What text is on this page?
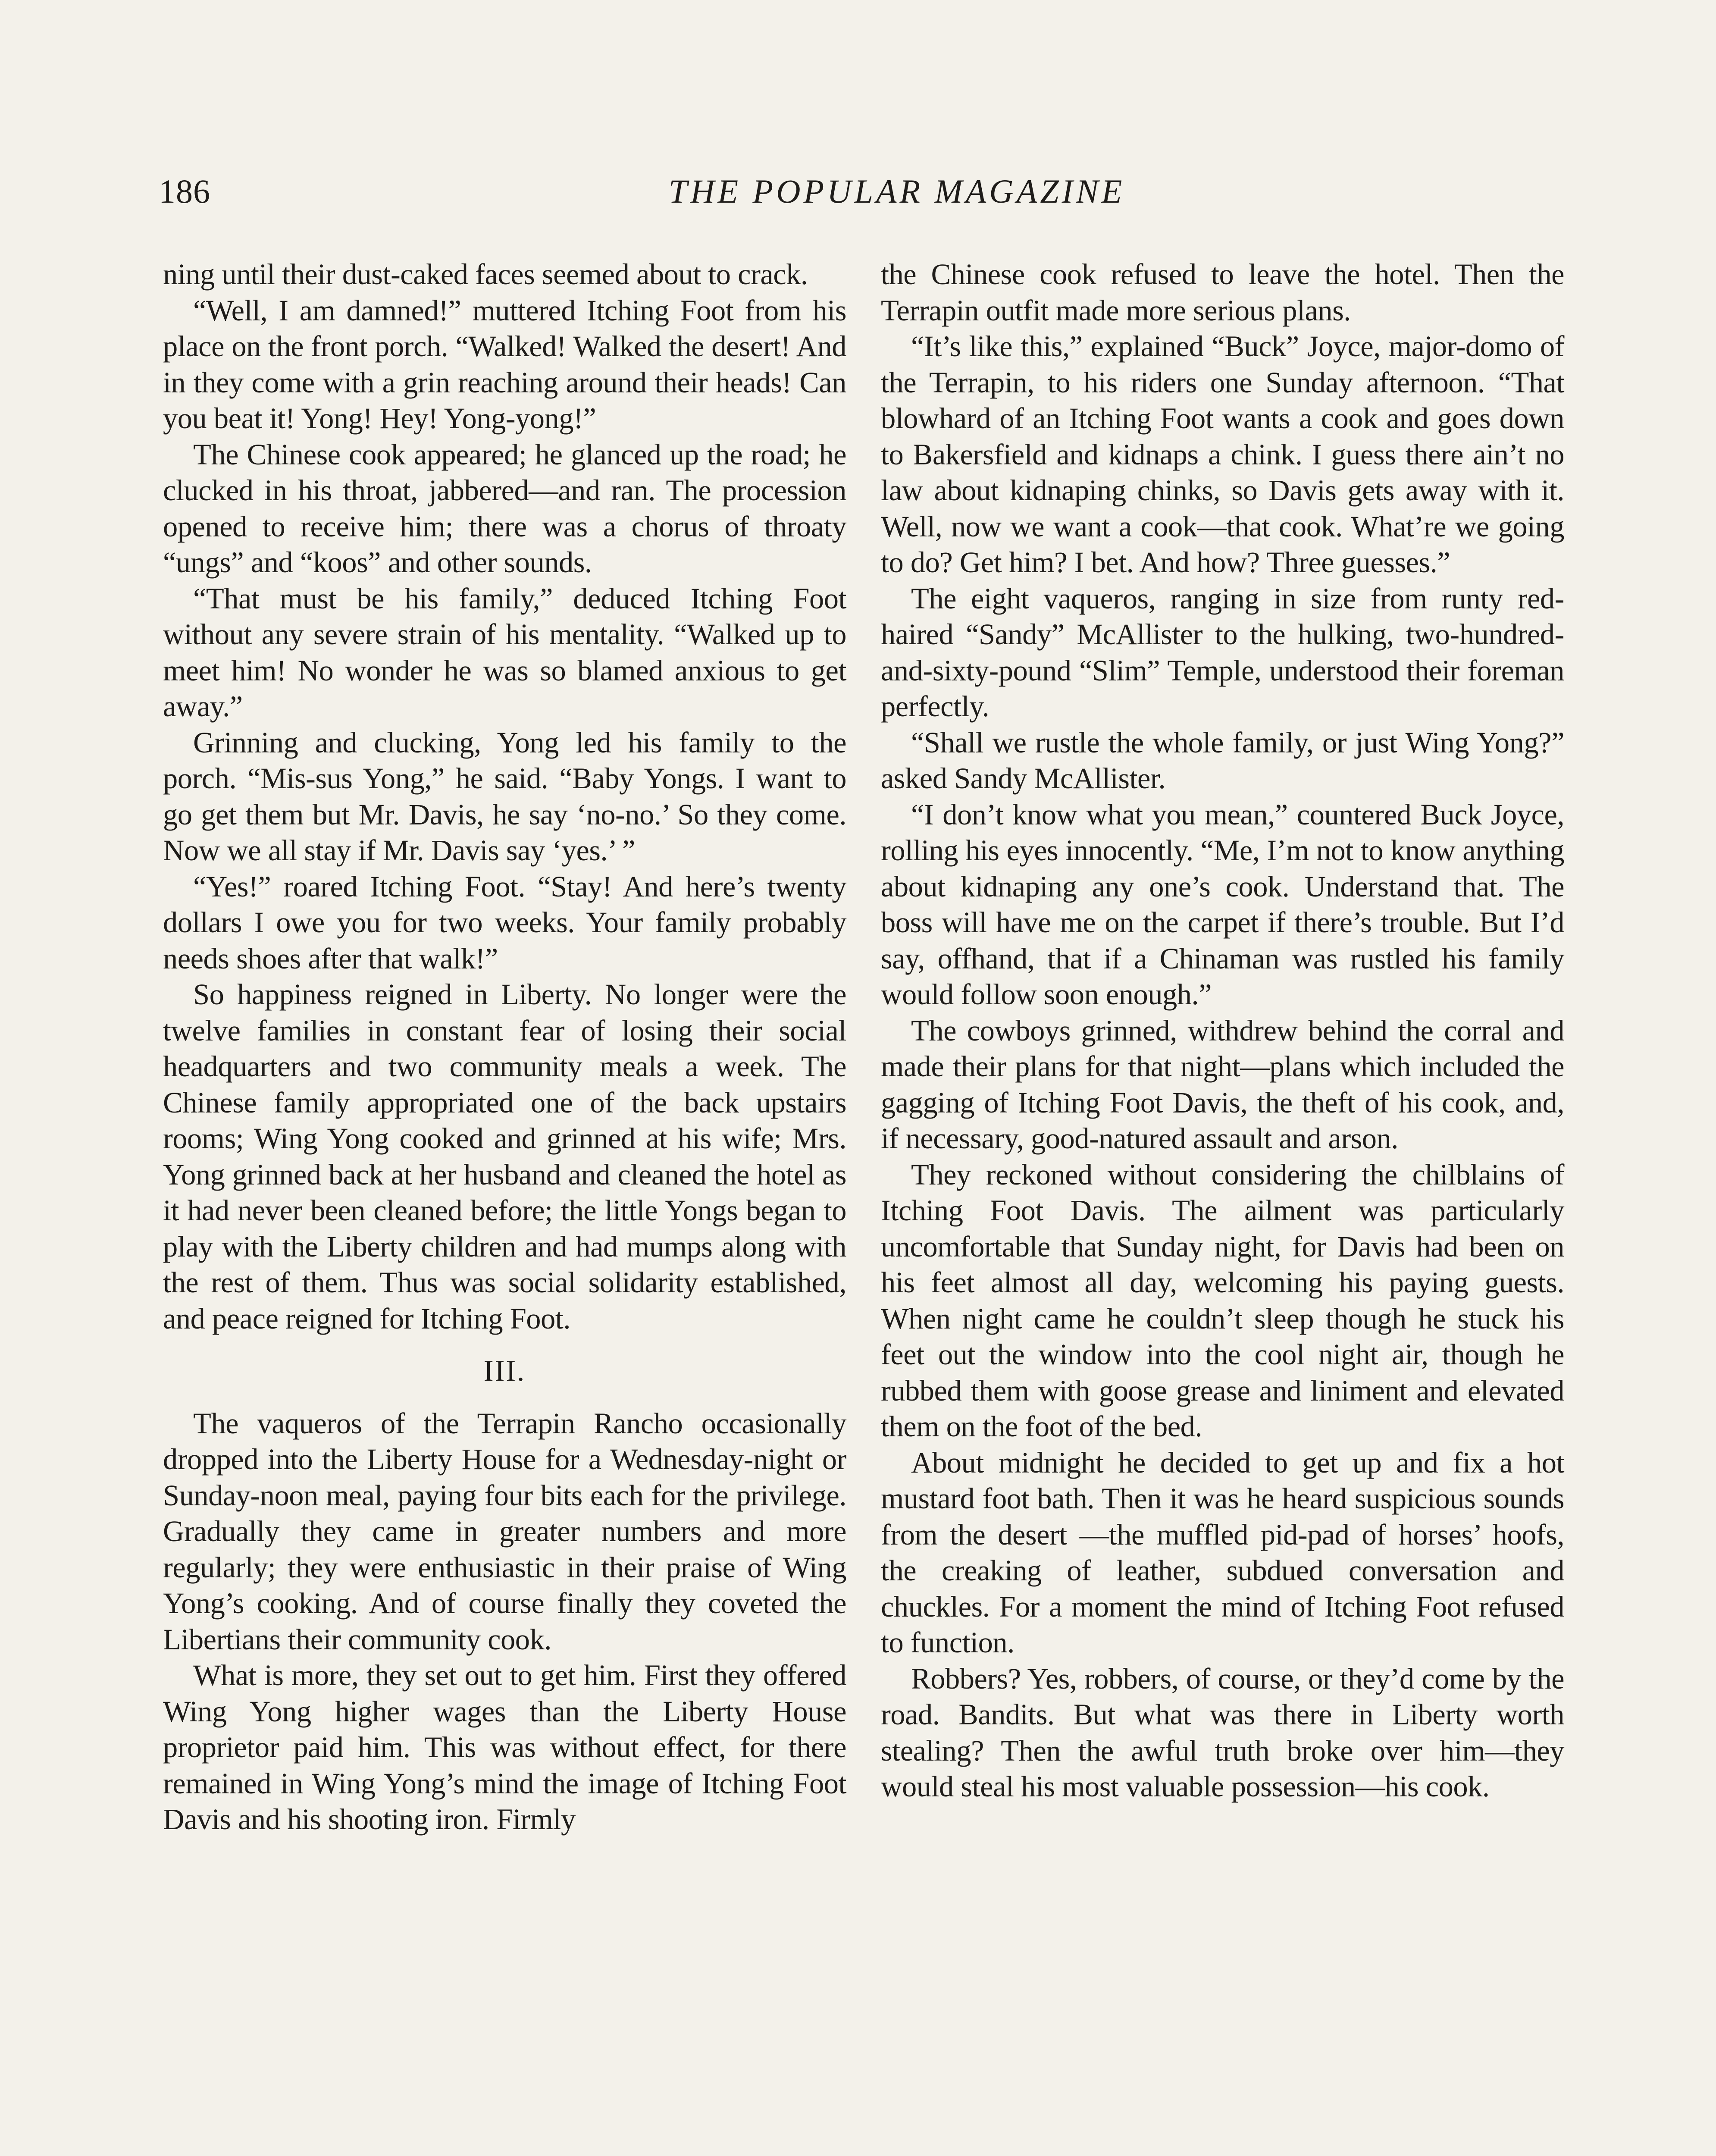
186	THE POPULAR MAGAZINE

ning until their dust-caked faces seemed about to crack.

“Well, I am damned!” muttered Itching Foot from his place on the front porch. “Walked! Walked the desert! And in they come with a grin reaching around their heads! Can you beat it! Yong! Hey! Yong-yong!”

The Chinese cook appeared; he glanced up the road; he clucked in his throat, jabbered—and ran. The procession opened to receive him; there was a chorus of throaty “ungs” and “koos” and other sounds.

“That must be his family,” deduced Itching Foot without any severe strain of his mentality. “Walked up to meet him! No wonder he was so blamed anxious to get away.”

Grinning and clucking, Yong led his family to the porch. “Mis-sus Yong,” he said. “Baby Yongs. I want to go get them but Mr. Davis, he say ‘no-no.’ So they come. Now we all stay if Mr. Davis say ‘yes.’ ”

“Yes!” roared Itching Foot. “Stay! And here’s twenty dollars I owe you for two weeks. Your family probably needs shoes after that walk!”

So happiness reigned in Liberty. No longer were the twelve families in constant fear of losing their social headquarters and two community meals a week. The Chinese family appropriated one of the back upstairs rooms; Wing Yong cooked and grinned at his wife; Mrs. Yong grinned back at her husband and cleaned the hotel as it had never been cleaned before; the little Yongs began to play with the Liberty children and had mumps along with the rest of them. Thus was social solidarity established, and peace reigned for Itching Foot.

III.

The vaqueros of the Terrapin Rancho occasionally dropped into the Liberty House for a Wednesday-night or Sunday-noon meal, paying four bits each for the privilege. Gradually they came in greater numbers and more regularly; they were enthusiastic in their praise of Wing Yong’s cooking. And of course finally they coveted the Libertians their community cook.

What is more, they set out to get him. First they offered Wing Yong higher wages than the Liberty House proprietor paid him. This was without effect, for there remained in Wing Yong’s mind the image of Itching Foot Davis and his shooting iron. Firmly

the Chinese cook refused to leave the hotel. Then the Terrapin outfit made more serious plans.

“It’s like this,” explained “Buck” Joyce, major-domo of the Terrapin, to his riders one Sunday afternoon. “That blowhard of an Itching Foot wants a cook and goes down to Bakersfield and kidnaps a chink. I guess there ain’t no law about kidnaping chinks, so Davis gets away with it. Well, now we want a cook—that cook. What’re we going to do? Get him? I bet. And how? Three guesses.”

The eight vaqueros, ranging in size from runty red-haired “Sandy” McAllister to the hulking, two-hundred-and-sixty-pound “Slim” Temple, understood their foreman perfectly.

“Shall we rustle the whole family, or just Wing Yong?” asked Sandy McAllister.

“I don’t know what you mean,” countered Buck Joyce, rolling his eyes innocently. “Me, I’m not to know anything about kidnaping any one’s cook. Understand that. The boss will have me on the carpet if there’s trouble. But I’d say, offhand, that if a Chinaman was rustled his family would follow soon enough.”

The cowboys grinned, withdrew behind the corral and made their plans for that night—plans which included the gagging of Itching Foot Davis, the theft of his cook, and, if necessary, good-natured assault and arson.

They reckoned without considering the chilblains of Itching Foot Davis. The ailment was particularly uncomfortable that Sunday night, for Davis had been on his feet almost all day, welcoming his paying guests. When night came he couldn’t sleep though he stuck his feet out the window into the cool night air, though he rubbed them with goose grease and liniment and elevated them on the foot of the bed.

About midnight he decided to get up and fix a hot mustard foot bath. Then it was he heard suspicious sounds from the desert —the muffled pid-pad of horses’ hoofs, the creaking of leather, subdued conversation and chuckles. For a moment the mind of Itching Foot refused to function.

Robbers? Yes, robbers, of course, or they’d come by the road. Bandits. But what was there in Liberty worth stealing? Then the awful truth broke over him—they would steal his most valuable possession—his cook.
